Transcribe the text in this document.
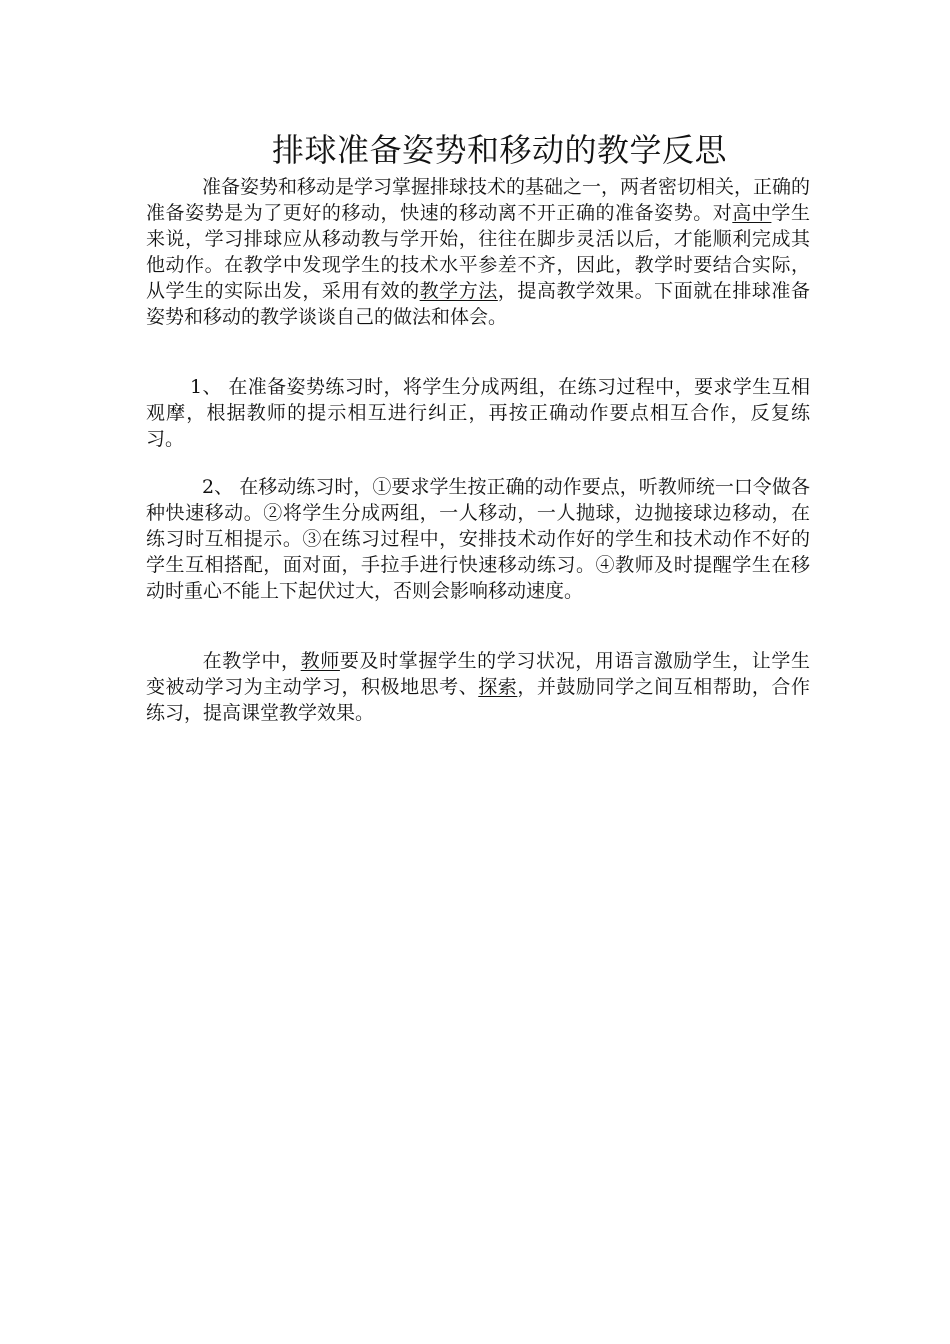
排球准备姿势和移动的教学反思

准备姿势和移动是学习掌握排球技术的基础之一，两者密切相关，正确的准备姿势是为了更好的移动，快速的移动离不开正确的准备姿势。对高中学生来说，学习排球应从移动教与学开始，往往在脚步灵活以后，才能顺利完成其他动作。在教学中发现学生的技术水平参差不齐，因此，教学时要结合实际，从学生的实际出发，采用有效的教学方法，提高教学效果。下面就在排球准备姿势和移动的教学谈谈自己的做法和体会。

1、 在准备姿势练习时，将学生分成两组，在练习过程中，要求学生互相观摩，根据教师的提示相互进行纠正，再按正确动作要点相互合作，反复练习。

2、 在移动练习时，①要求学生按正确的动作要点，听教师统一口令做各种快速移动。②将学生分成两组，一人移动，一人抛球，边抛接球边移动，在练习时互相提示。③在练习过程中，安排技术动作好的学生和技术动作不好的学生互相搭配，面对面，手拉手进行快速移动练习。④教师及时提醒学生在移动时重心不能上下起伏过大，否则会影响移动速度。

在教学中，教师要及时掌握学生的学习状况，用语言激励学生，让学生变被动学习为主动学习，积极地思考、探索，并鼓励同学之间互相帮助，合作练习，提高课堂教学效果。
